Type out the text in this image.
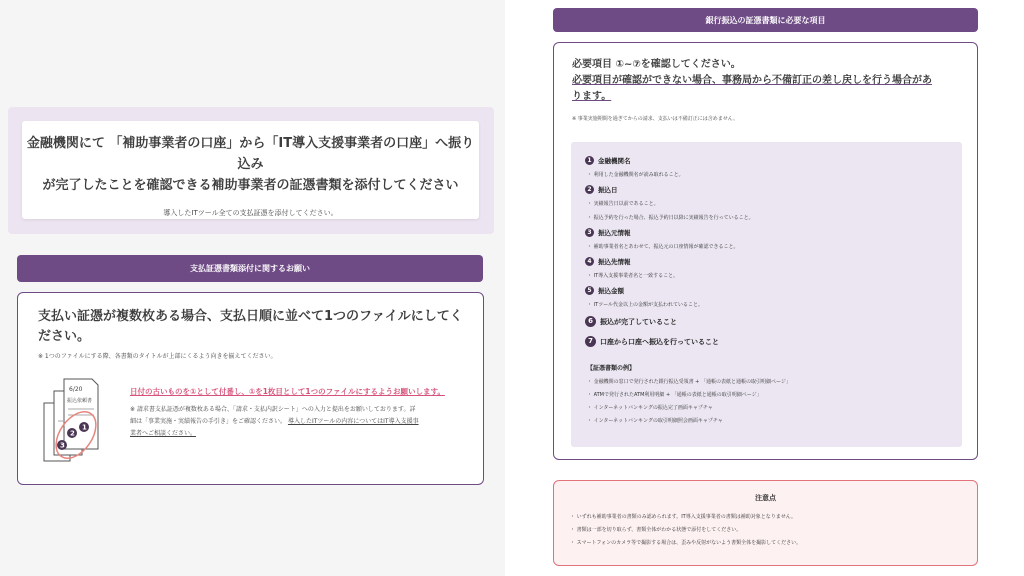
金融機関にて 「補助事業者の口座」から「IT導入支援事業者の口座」へ振り込み
が完了したことを確認できる補助事業者の証憑書類を添付してください
導入したITツール全ての支払証憑を添付してください。
支払証憑書類添付に関するお願い
支払い証憑が複数枚ある場合、支払日順に並べて1つのファイルにしてください。
※ 1つのファイルにする際、各書類のタイトルが上部にくるよう向きを揃えてください。
6/20
振込依頼書
1
2
3
日付の古いものを①として付番し、①を1枚目として1つのファイルにするようお願いします。
※ 請求書支払証憑が複数枚ある場合、「請求・支払内訳シート」への入力と提出をお願いしております。詳
細は「事業実施・実績報告の手引き」をご確認ください。 導入したITツールの内容についてはIT導入支援事
業者へご相談ください。
銀行振込の証憑書類に必要な項目
必要項目 ①~⑦を確認してください。
必要項目が確認ができない場合、事務局から不備訂正の差し戻しを行う場合があ
ります。
※ 事業実施期間を過ぎてからの請求、支払いは不備訂正には含めません。
1 金融機関名
・ 利用した金融機関名が読み取れること。
2 振込日
・ 実績報告日以前であること。
・ 振込予約を行った場合、振込予約日以降に実績報告を行っていること。
3 振込元情報
・ 補助事業者名とあわせて、振込元の口座情報が確認できること。
4 振込先情報
・ IT導入支援事業者名と一致すること。
5 振込金額
・ ITツール代金以上の金額が支払われていること。
6	振込が完了していること
7	口座から口座へ振込を行っていること
【証憑書類の例】
・ 金融機関の窓口で発行された銀行振込受領書 + 「通帳の表紙と通帳の取引明細ページ」
・ ATMで発行されたATM利用明細 + 「通帳の表紙と通帳の取引明細ページ」
・ インターネットバンキングの振込完了画面キャプチャ
・ インターネットバンキングの取引明細照会画面キャプチャ
注意点
・ いずれも補助事業者の書類のみ認められます。IT導入支援事業者の書類は補助対象となりません。
・ 書類は一部を切り取らず、書類全体がわかる状態で添付をしてください。
・ スマートフォンのカメラ等で撮影する場合は、歪みや反射がないよう書類全体を撮影してください。
